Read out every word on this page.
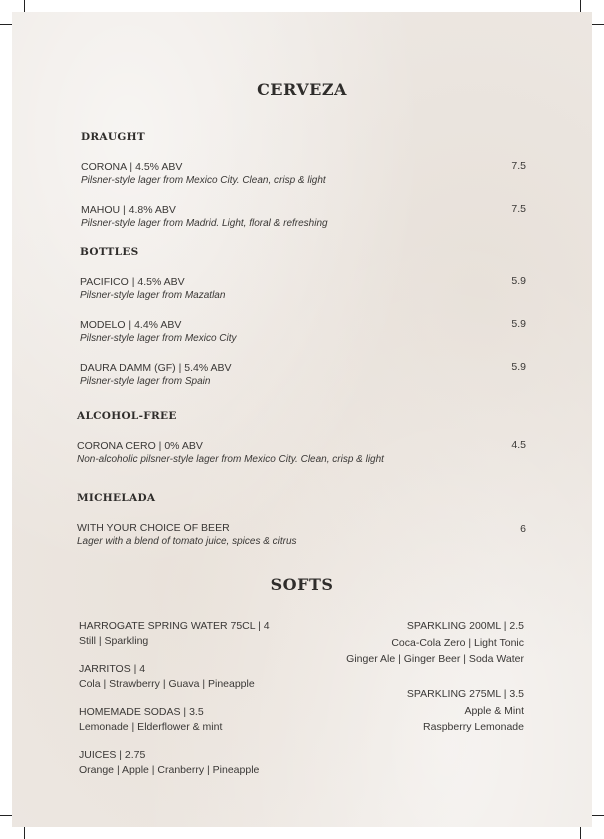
CERVEZA
DRAUGHT
CORONA | 4.5% ABV
Pilsner-style lager from Mexico City. Clean, crisp & light
7.5
MAHOU | 4.8% ABV
Pilsner-style lager from Madrid. Light, floral & refreshing
7.5
BOTTLES
PACIFICO | 4.5% ABV
Pilsner-style lager from Mazatlan
5.9
MODELO | 4.4% ABV
Pilsner-style lager from Mexico City
5.9
DAURA DAMM (GF) | 5.4% ABV
Pilsner-style lager from Spain
5.9
ALCOHOL-FREE
CORONA CERO | 0% ABV
Non-alcoholic pilsner-style lager from Mexico City. Clean, crisp & light
4.5
MICHELADA
WITH YOUR CHOICE OF BEER
Lager with a blend of tomato juice, spices & citrus
6
SOFTS
HARROGATE SPRING WATER 75CL | 4
Still | Sparkling
JARRITOS | 4
Cola | Strawberry | Guava | Pineapple
HOMEMADE SODAS | 3.5
Lemonade | Elderflower & mint
JUICES | 2.75
Orange | Apple | Cranberry | Pineapple
SPARKLING 200ML | 2.5
Coca-Cola Zero | Light Tonic
Ginger Ale | Ginger Beer | Soda Water
SPARKLING 275ML | 3.5
Apple & Mint
Raspberry Lemonade
